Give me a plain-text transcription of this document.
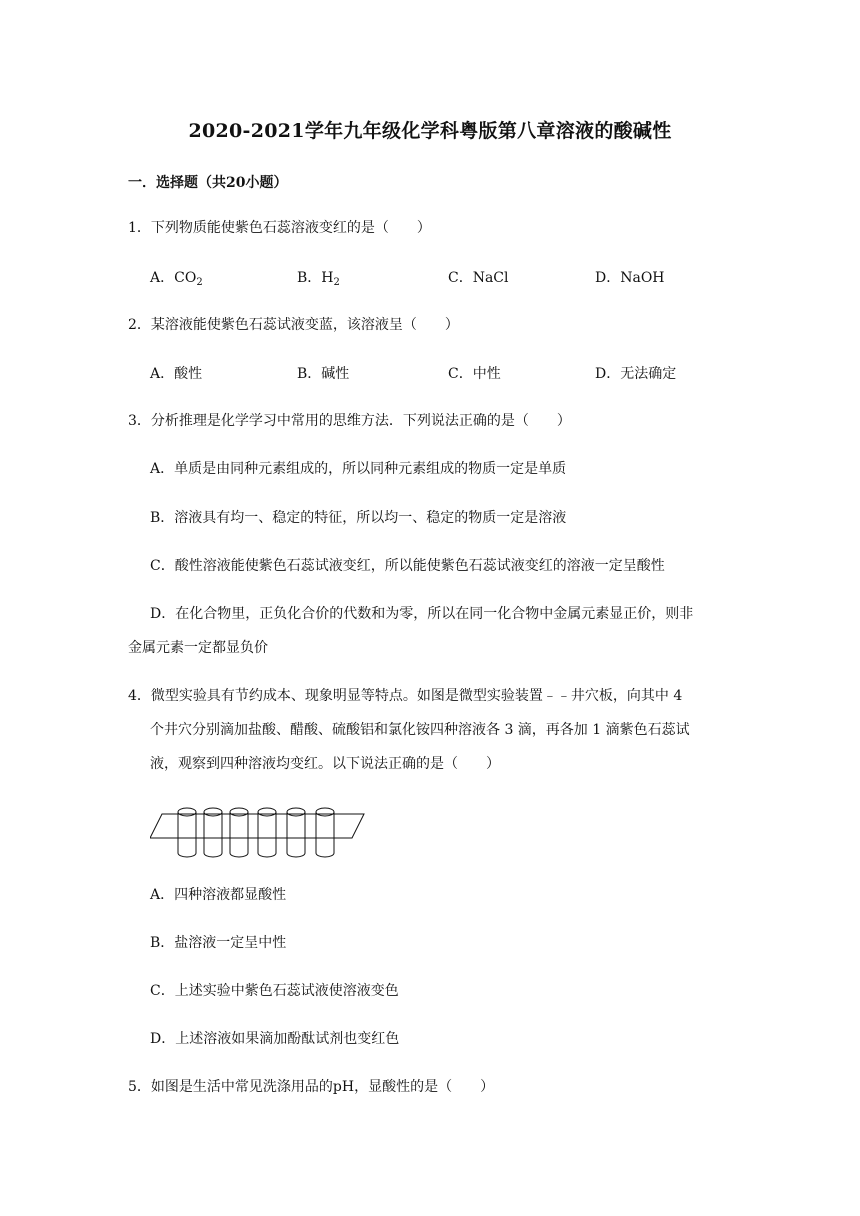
2020-2021学年九年级化学科粤版第八章溶液的酸碱性
一．选择题（共20小题）
1．下列物质能使紫色石蕊溶液变红的是（　　）
A．$CO_2$	B．$H_2$	C．NaCl	D．NaOH
2．某溶液能使紫色石蕊试液变蓝，该溶液呈（　　）
A．酸性	B．碱性	C．中性	D．无法确定
3．分析推理是化学学习中常用的思维方法．下列说法正确的是（　　）
A．单质是由同种元素组成的，所以同种元素组成的物质一定是单质
B．溶液具有均一、稳定的特征，所以均一、稳定的物质一定是溶液
C．酸性溶液能使紫色石蕊试液变红，所以能使紫色石蕊试液变红的溶液一定呈酸性
D．在化合物里，正负化合价的代数和为零，所以在同一化合物中金属元素显正价，则非
金属元素一定都显负价
4．微型实验具有节约成本、现象明显等特点。如图是微型实验装置﹣﹣井穴板，向其中 4
个井穴分别滴加盐酸、醋酸、硫酸铝和氯化铵四种溶液各 3 滴，再各加 1 滴紫色石蕊试
液，观察到四种溶液均变红。以下说法正确的是（　　）
A．四种溶液都显酸性
B．盐溶液一定呈中性
C．上述实验中紫色石蕊试液使溶液变色
D．上述溶液如果滴加酚酞试剂也变红色
5．如图是生活中常见洗涤用品的pH，显酸性的是（　　）
